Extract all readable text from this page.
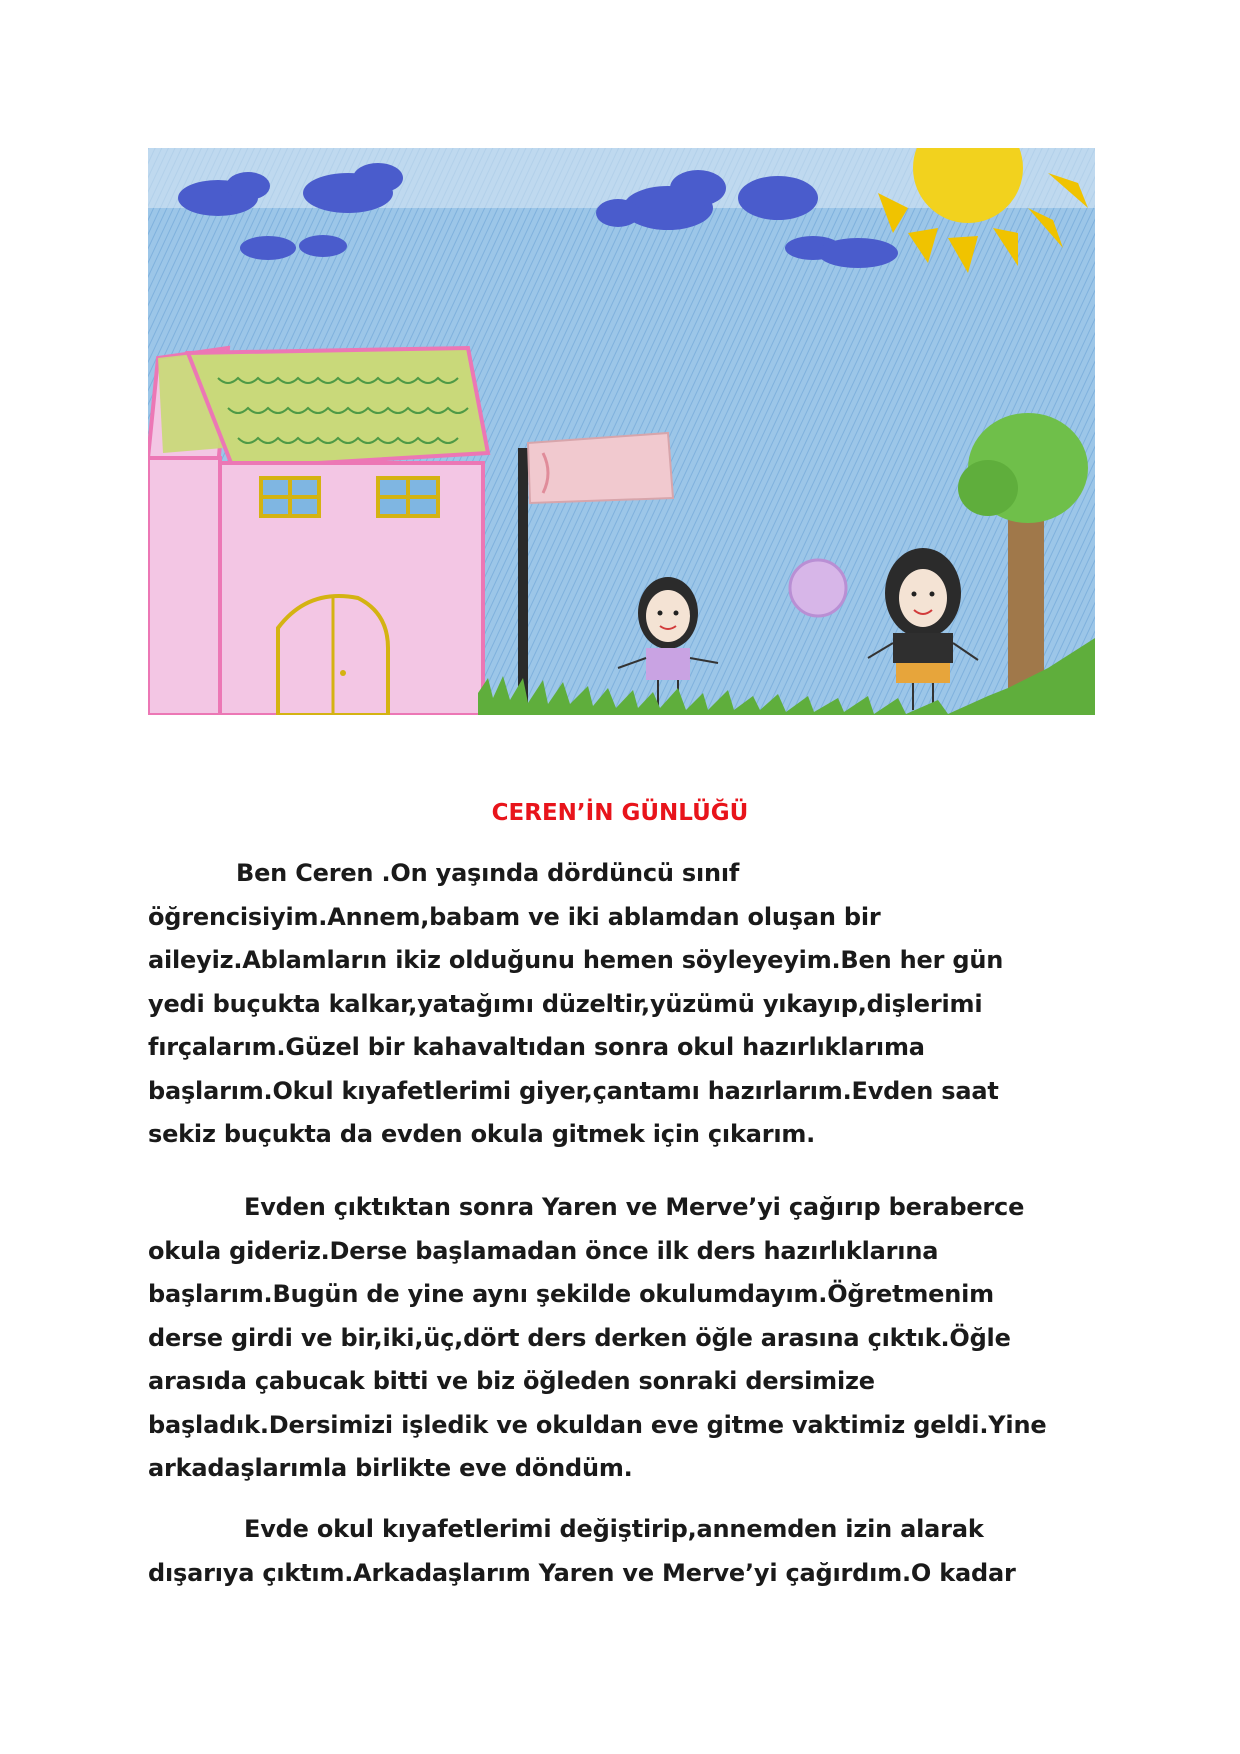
CEREN’İN GÜNLÜĞÜ

Ben Ceren .On yaşında dördüncü sınıf
öğrencisiyim.Annem,babam ve iki ablamdan oluşan bir
aileyiz.Ablamların ikiz olduğunu hemen söyleyeyim.Ben her gün
yedi buçukta kalkar,yatağımı düzeltir,yüzümü yıkayıp,dişlerimi
fırçalarım.Güzel bir kahavaltıdan sonra okul hazırlıklarıma
başlarım.Okul kıyafetlerimi giyer,çantamı hazırlarım.Evden saat
sekiz buçukta da evden okula gitmek için çıkarım.

Evden çıktıktan sonra Yaren ve Merve’yi çağırıp beraberce
okula gideriz.Derse başlamadan önce ilk ders hazırlıklarına
başlarım.Bugün de yine aynı şekilde okulumdayım.Öğretmenim
derse girdi ve bir,iki,üç,dört ders derken öğle arasına çıktık.Öğle
arasıda çabucak bitti ve biz öğleden sonraki dersimize
başladık.Dersimizi işledik ve okuldan eve gitme vaktimiz geldi.Yine
arkadaşlarımla birlikte eve döndüm.

Evde okul kıyafetlerimi değiştirip,annemden izin alarak
dışarıya çıktım.Arkadaşlarım Yaren ve Merve’yi çağırdım.O kadar
